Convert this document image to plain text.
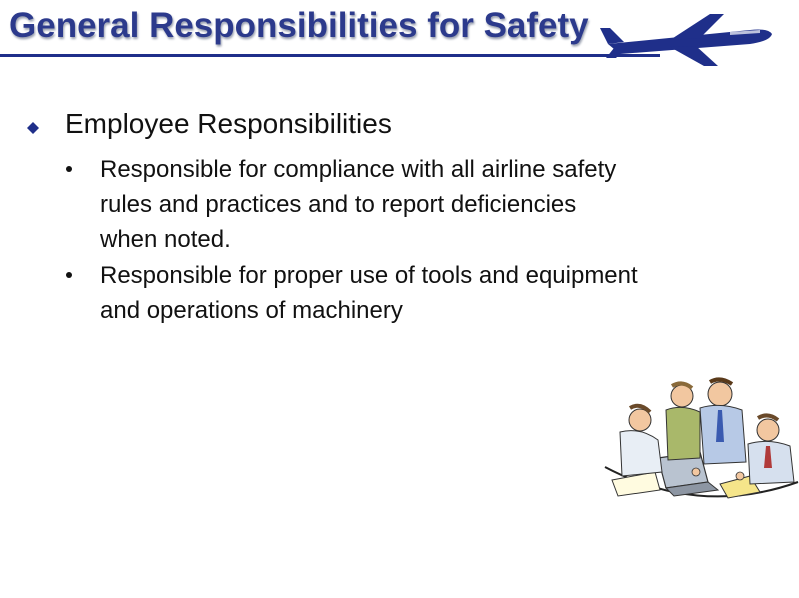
General Responsibilities for Safety
Employee Responsibilities
Responsible for compliance with all airline safety rules and practices and to report deficiencies when noted.
Responsible for proper use of tools and equipment and operations of machinery
